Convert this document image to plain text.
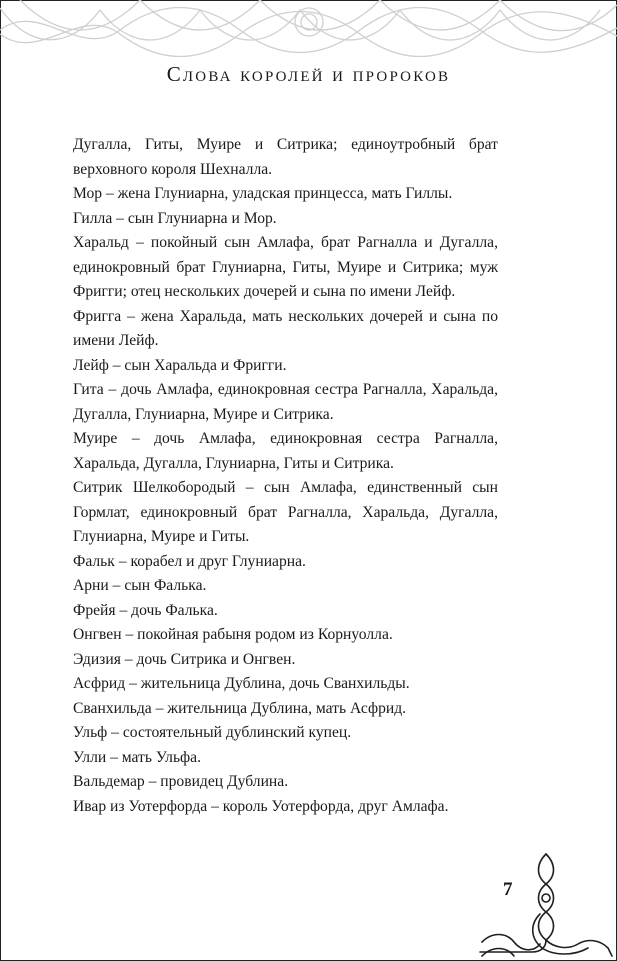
Слова королей и пророков

Дугалла, Гиты, Муире и Ситрика; единоутробный брат верховного короля Шехналла.

Мор – жена Глуниарна, уладская принцесса, мать Гиллы.

Гилла – сын Глуниарна и Мор.

Харальд – покойный сын Амлафа, брат Рагналла и Дугалла, единокровный брат Глуниарна, Гиты, Муире и Ситрика; муж Фригги; отец нескольких дочерей и сына по имени Лейф.

Фригга – жена Харальда, мать нескольких дочерей и сына по имени Лейф.

Лейф – сын Харальда и Фригги.

Гита – дочь Амлафа, единокровная сестра Рагналла, Харальда, Дугалла, Глуниарна, Муире и Ситрика.

Муире – дочь Амлафа, единокровная сестра Рагналла, Харальда, Дугалла, Глуниарна, Гиты и Ситрика.

Ситрик Шелкобородый – сын Амлафа, единственный сын Гормлат, единокровный брат Рагналла, Харальда, Дугалла, Глуниарна, Муире и Гиты.

Фальк – корабел и друг Глуниарна.

Арни – сын Фалька.

Фрейя – дочь Фалька.

Онгвен – покойная рабыня родом из Корнуолла.

Эдизия – дочь Ситрика и Онгвен.

Асфрид – жительница Дублина, дочь Сванхильды.

Сванхильда – жительница Дублина, мать Асфрид.

Ульф – состоятельный дублинский купец.

Улли – мать Ульфа.

Вальдемар – провидец Дублина.

Ивар из Уотерфорда – король Уотерфорда, друг Амлафа.

7
